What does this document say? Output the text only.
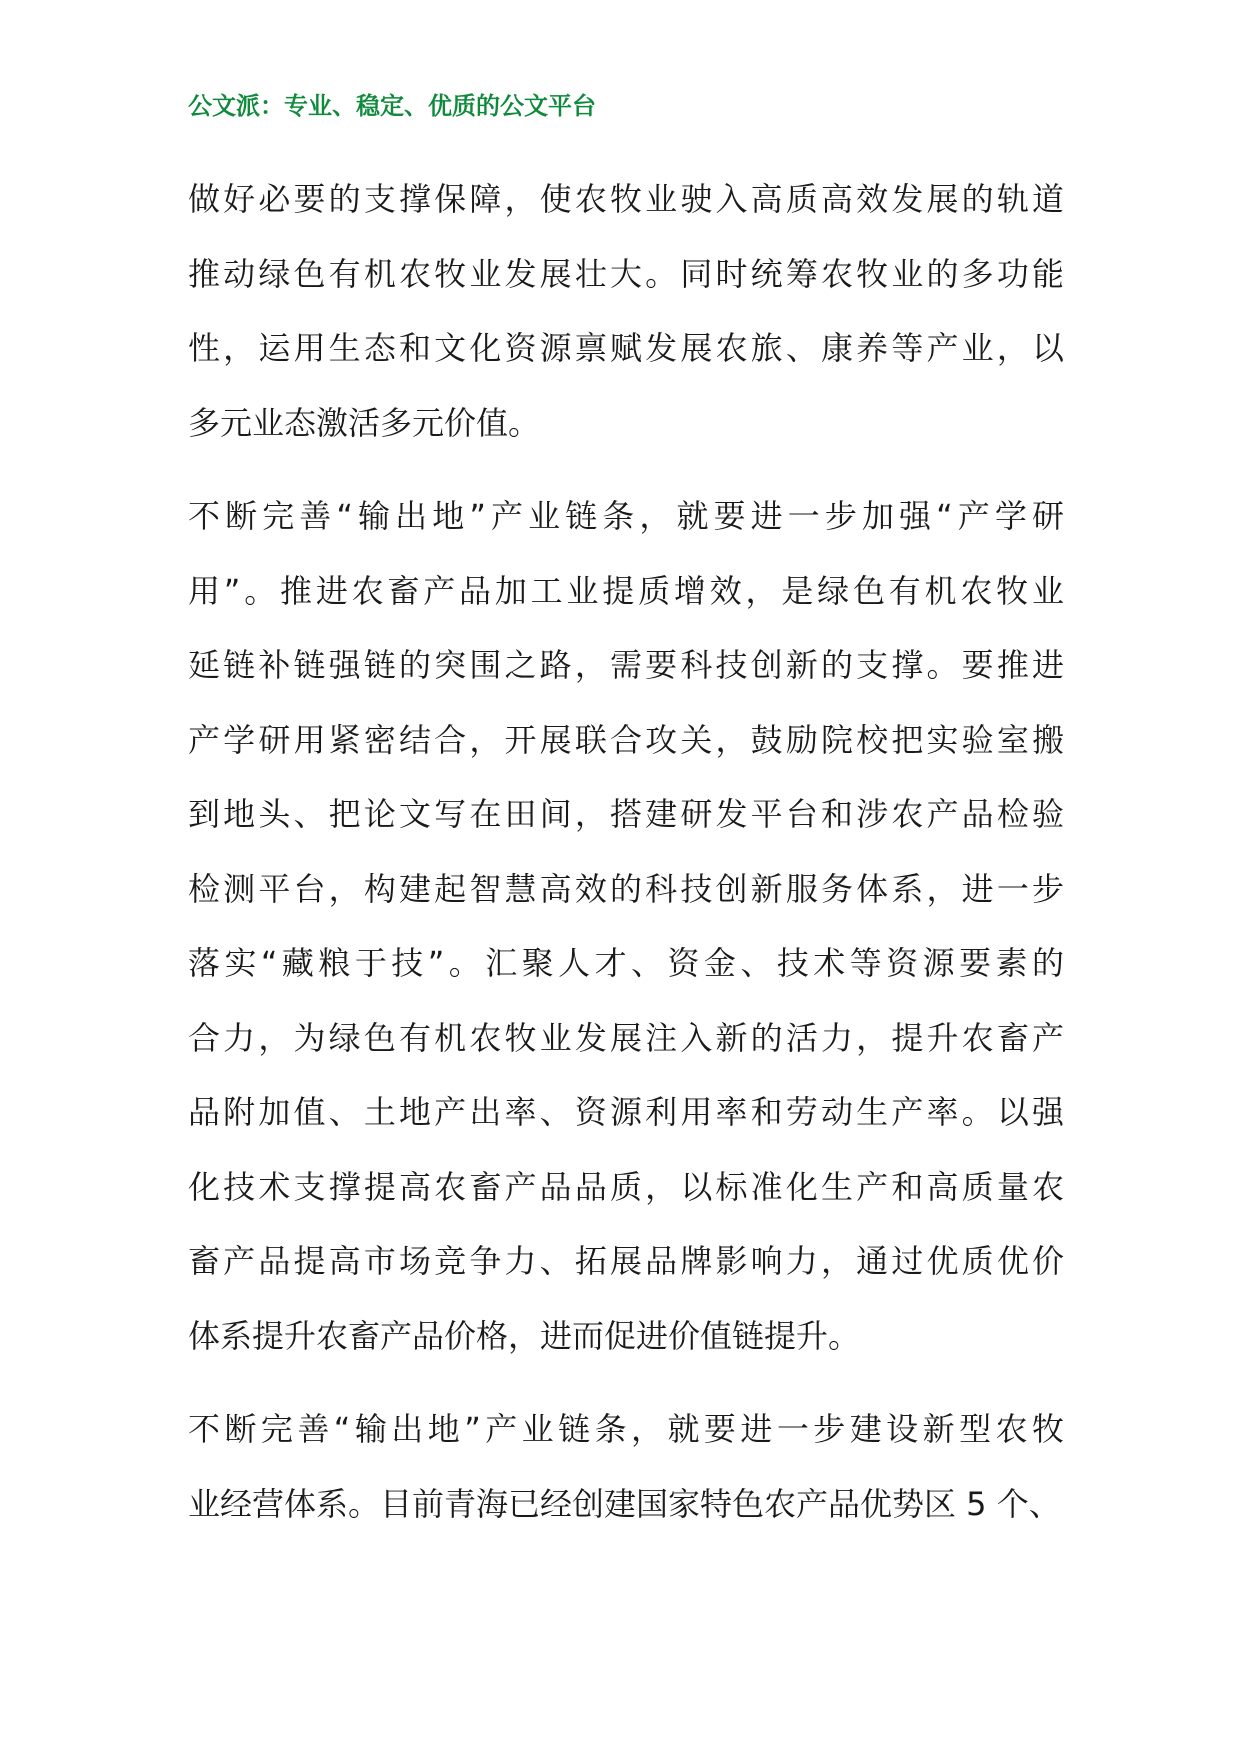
公文派：专业、稳定、优质的公文平台

做好必要的支撑保障，使农牧业驶入高质高效发展的轨道
推动绿色有机农牧业发展壮大。同时统筹农牧业的多功能
性，运用生态和文化资源禀赋发展农旅、康养等产业，以
多元业态激活多元价值。

不断完善“输出地”产业链条，就要进一步加强“产学研
用”。推进农畜产品加工业提质增效，是绿色有机农牧业
延链补链强链的突围之路，需要科技创新的支撑。要推进
产学研用紧密结合，开展联合攻关，鼓励院校把实验室搬
到地头、把论文写在田间，搭建研发平台和涉农产品检验
检测平台，构建起智慧高效的科技创新服务体系，进一步
落实“藏粮于技”。汇聚人才、资金、技术等资源要素的
合力，为绿色有机农牧业发展注入新的活力，提升农畜产
品附加值、土地产出率、资源利用率和劳动生产率。以强
化技术支撑提高农畜产品品质，以标准化生产和高质量农
畜产品提高市场竞争力、拓展品牌影响力，通过优质优价
体系提升农畜产品价格，进而促进价值链提升。

不断完善“输出地”产业链条，就要进一步建设新型农牧
业经营体系。目前青海已经创建国家特色农产品优势区 5 个、
